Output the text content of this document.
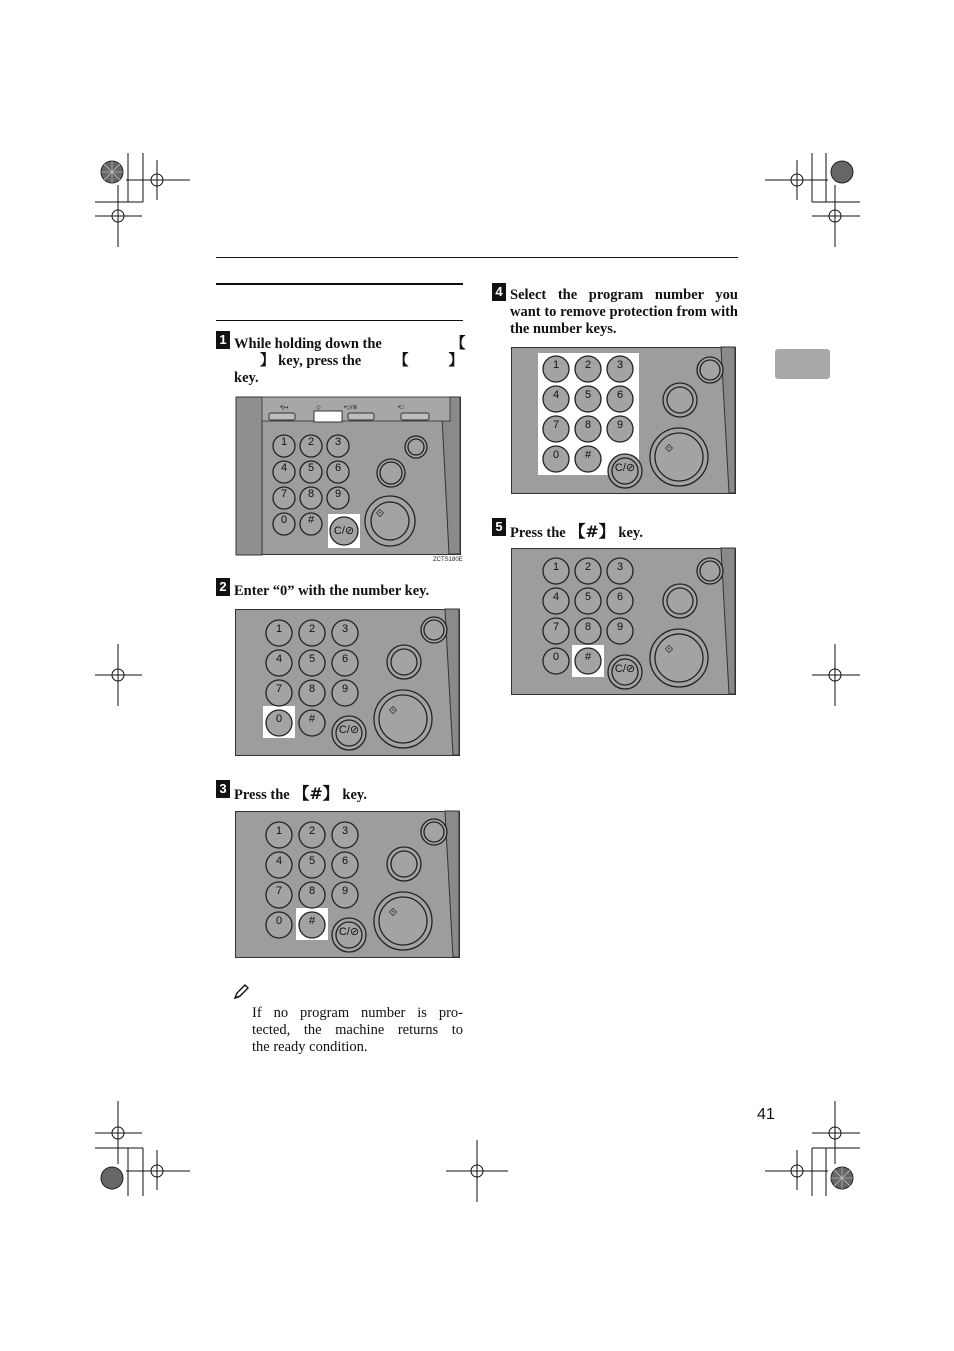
1 While holding down the	【
】 key, press the 【	】
key.
•|↦	◇	•◇/⊚	•□
1 2 3
4 5 6
7 8 9
0 #
C/⊘
⟐
ZCTS180E
2 Enter “0” with the number key.
1 2 3
4 5 6
7 8 9
0 #
C/⊘
⟐
3 Press the 【#】 key.
1 2 3
4 5 6
7 8 9
0 #
C/⊘
⟐
If no program number is pro-
tected, the machine returns to
the ready condition.
4 Select the program number you want to remove protection from with the number keys.
1 2 3
4 5 6
7 8 9
0 #
C/⊘
⟐
5 Press the 【#】 key.
1 2 3
4 5 6
7 8 9
0 #
C/⊘
⟐
41
